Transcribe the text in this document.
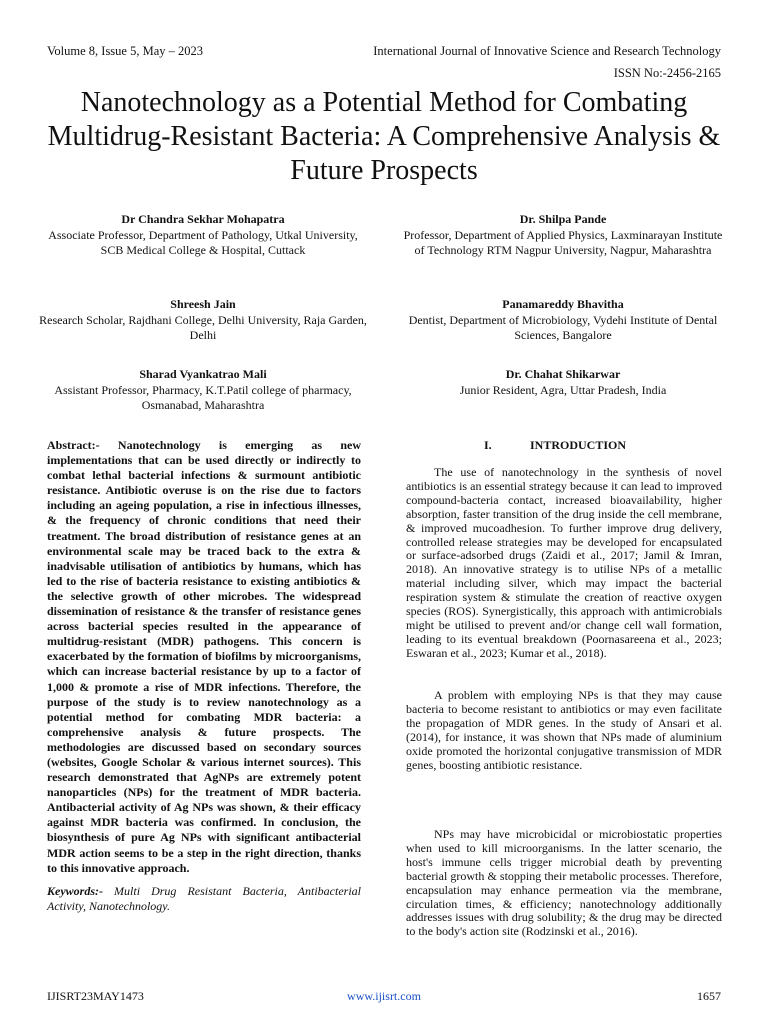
Volume 8, Issue 5, May – 2023	International Journal of Innovative Science and Research Technology
ISSN No:-2456-2165
Nanotechnology as a Potential Method for Combating Multidrug-Resistant Bacteria: A Comprehensive Analysis & Future Prospects
Dr Chandra Sekhar Mohapatra
Associate Professor, Department of Pathology, Utkal University, SCB Medical College & Hospital, Cuttack
Dr. Shilpa Pande
Professor, Department of Applied Physics, Laxminarayan Institute of Technology RTM Nagpur University, Nagpur, Maharashtra
Shreesh Jain
Research Scholar, Rajdhani College, Delhi University, Raja Garden, Delhi
Panamareddy Bhavitha
Dentist, Department of Microbiology, Vydehi Institute of Dental Sciences, Bangalore
Sharad Vyankatrao Mali
Assistant Professor, Pharmacy, K.T.Patil college of pharmacy, Osmanabad, Maharashtra
Dr. Chahat Shikarwar
Junior Resident, Agra, Uttar Pradesh, India

Abstract:- Nanotechnology is emerging as new implementations that can be used directly or indirectly to combat lethal bacterial infections & surmount antibiotic resistance. Antibiotic overuse is on the rise due to factors including an ageing population, a rise in infectious illnesses, & the frequency of chronic conditions that need their treatment. The broad distribution of resistance genes at an environmental scale may be traced back to the extra & inadvisable utilisation of antibiotics by humans, which has led to the rise of bacteria resistance to existing antibiotics & the selective growth of other microbes. The widespread dissemination of resistance & the transfer of resistance genes across bacterial species resulted in the appearance of multidrug-resistant (MDR) pathogens. This concern is exacerbated by the formation of biofilms by microorganisms, which can increase bacterial resistance by up to a factor of 1,000 & promote a rise of MDR infections. Therefore, the purpose of the study is to review nanotechnology as a potential method for combating MDR bacteria: a comprehensive analysis & future prospects. The methodologies are discussed based on secondary sources (websites, Google Scholar & various internet sources). This research demonstrated that AgNPs are extremely potent nanoparticles (NPs) for the treatment of MDR bacteria. Antibacterial activity of Ag NPs was shown, & their efficacy against MDR bacteria was confirmed. In conclusion, the biosynthesis of pure Ag NPs with significant antibacterial MDR action seems to be a step in the right direction, thanks to this innovative approach.

Keywords:- Multi Drug Resistant Bacteria, Antibacterial Activity, Nanotechnology.

I.	INTRODUCTION

The use of nanotechnology in the synthesis of novel antibiotics is an essential strategy because it can lead to improved compound-bacteria contact, increased bioavailability, higher absorption, faster transition of the drug inside the cell membrane, & improved mucoadhesion. To further improve drug delivery, controlled release strategies may be developed for encapsulated or surface-adsorbed drugs (Zaidi et al., 2017; Jamil & Imran, 2018). An innovative strategy is to utilise NPs of a metallic material including silver, which may impact the bacterial respiration system & stimulate the creation of reactive oxygen species (ROS). Synergistically, this approach with antimicrobials might be utilised to prevent and/or change cell wall formation, leading to its eventual breakdown (Poornasareena et al., 2023; Eswaran et al., 2023; Kumar et al., 2018).

A problem with employing NPs is that they may cause bacteria to become resistant to antibiotics or may even facilitate the propagation of MDR genes. In the study of Ansari et al. (2014), for instance, it was shown that NPs made of aluminium oxide promoted the horizontal conjugative transmission of MDR genes, boosting antibiotic resistance.

NPs may have microbicidal or microbiostatic properties when used to kill microorganisms. In the latter scenario, the host's immune cells trigger microbial death by preventing bacterial growth & stopping their metabolic processes. Therefore, encapsulation may enhance permeation via the membrane, circulation times, & efficiency; nanotechnology additionally addresses issues with drug solubility; & the drug may be directed to the body's action site (Rodzinski et al., 2016).

IJISRT23MAY1473	www.ijisrt.com	1657
